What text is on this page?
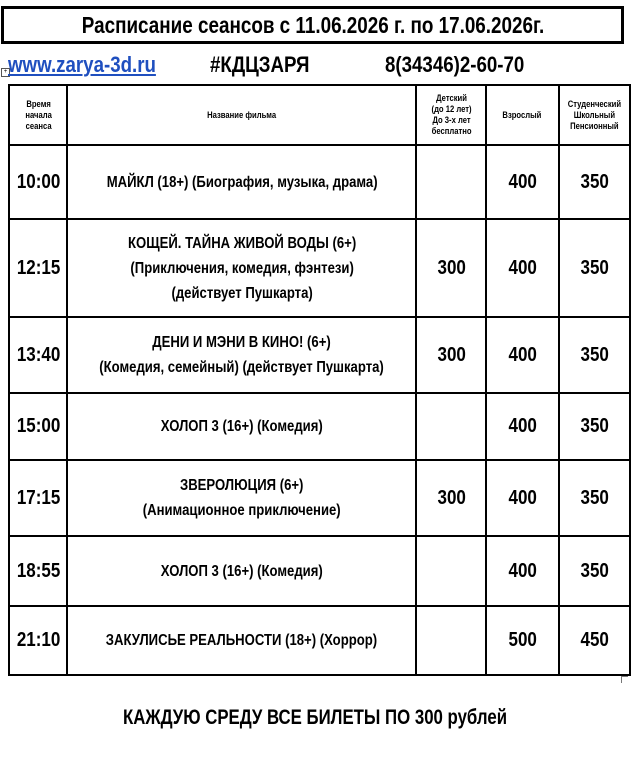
Расписание сеансов с 11.06.2026 г. по 17.06.2026г.
+ www.zarya-3d.ru #КДЦЗАРЯ	8(34346)2-60-70
Время
начала
сеанса	Название фильма	Детский
(до 12 лет)
До 3-х лет
бесплатно	Взрослый	Студенческий
Школьный
Пенсионный
10:00	МАЙКЛ (18+) (Биография, музыка, драма)		400	350
12:15	КОЩЕЙ. ТАЙНА ЖИВОЙ ВОДЫ (6+)
(Приключения, комедия, фэнтези)
(действует Пушкарта)	300	400	350
13:40	ДЕНИ И МЭНИ В КИНО! (6+)
(Комедия, семейный) (действует Пушкарта)	300	400	350
15:00	ХОЛОП 3 (16+) (Комедия)		400	350
17:15	ЗВЕРОЛЮЦИЯ (6+)
(Анимационное приключение)	300	400	350
18:55	ХОЛОП 3 (16+) (Комедия)		400	350
21:10	ЗАКУЛИСЬЕ РЕАЛЬНОСТИ (18+) (Хоррор)		500	450
КАЖДУЮ СРЕДУ ВСЕ БИЛЕТЫ ПО 300 рублей
